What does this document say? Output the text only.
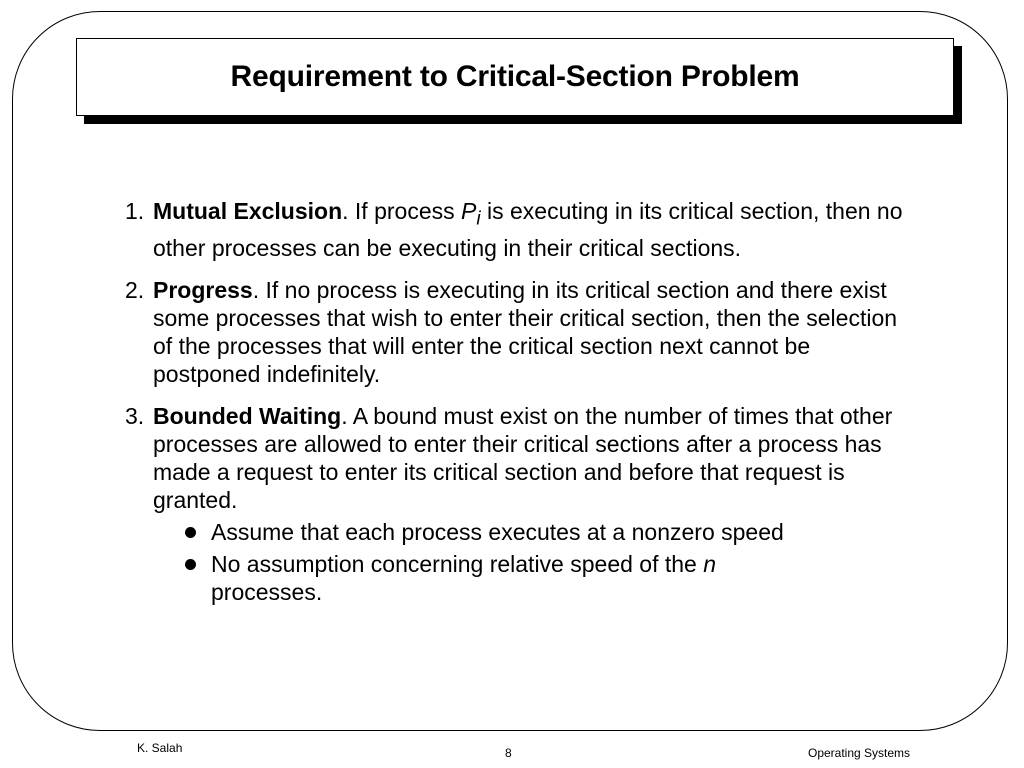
Requirement to Critical-Section Problem
1. Mutual Exclusion. If process $P_i$ is executing in its critical section, then no other processes can be executing in their critical sections.
2. Progress. If no process is executing in its critical section and there exist some processes that wish to enter their critical section, then the selection of the processes that will enter the critical section next cannot be postponed indefinitely.
3. Bounded Waiting. A bound must exist on the number of times that other processes are allowed to enter their critical sections after a process has made a request to enter its critical section and before that request is granted.
Assume that each process executes at a nonzero speed
No assumption concerning relative speed of the n processes.
K. Salah	8	Operating Systems
